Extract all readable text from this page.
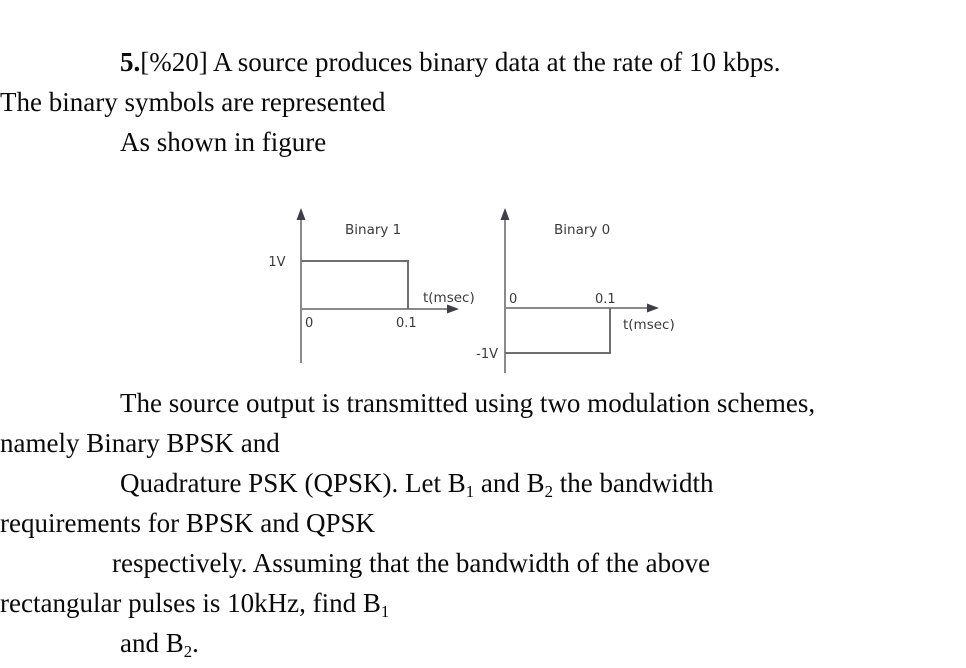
5.[%20] A source produces binary data at the rate of 10 kbps.
The binary symbols are represented
As shown in figure

The source output is transmitted using two modulation schemes,
namely Binary BPSK and
Quadrature PSK (QPSK). Let $B_1$ and $B_2$ the bandwidth
requirements for BPSK and QPSK
respectively. Assuming that the bandwidth of the above
rectangular pulses is 10kHz, find $B_1$
and $B_2$.

Binary 1
1V
0	0.1
t(msec)
Binary 0
-1V
0	0.1
t(msec)
